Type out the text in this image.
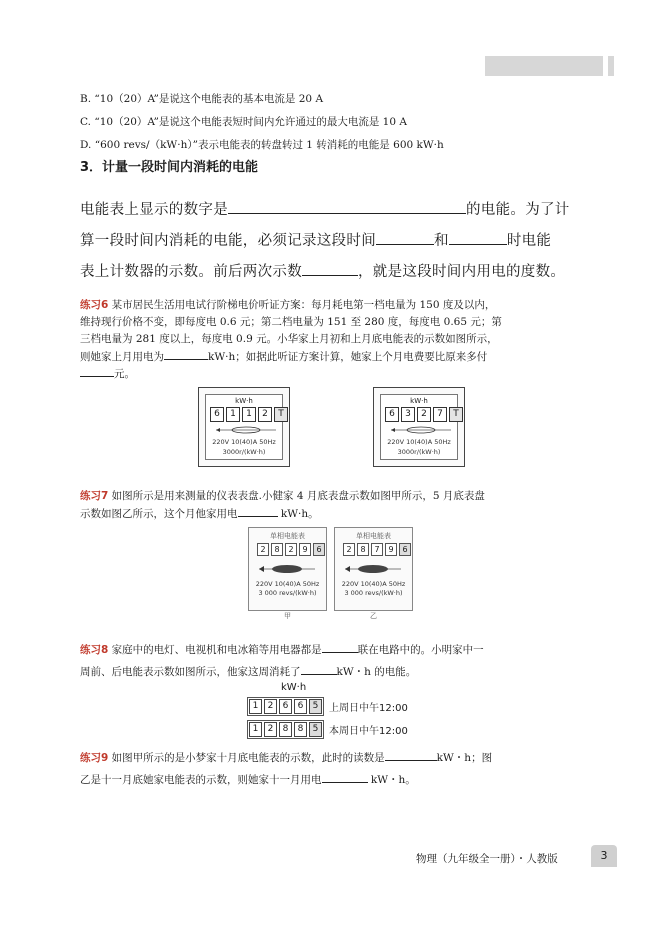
B. “10（20）A”是说这个电能表的基本电流是 20 A
C. “10（20）A”是说这个电能表短时间内允许通过的最大电流是 10 A
D. “600 revs/（kW·h）”表示电能表的转盘转过 1 转消耗的电能是 600 kW·h
3．计量一段时间内消耗的电能
电能表上显示的数字是	的电能。为了计
算一段时间内消耗的电能，必须记录这段时间	和	时电能
表上计数器的示数。前后两次示数	，就是这段时间内用电的度数。
练习6 某市居民生活用电试行阶梯电价听证方案：每月耗电第一档电量为 150 度及以内，
维持现行价格不变，即每度电 0.6 元；第二档电量为 151 至 280 度，每度电 0.65 元；第
三档电量为 281 度以上，每度电 0.9 元。小华家上月初和上月底电能表的示数如图所示，
则她家上月用电为	kW·h；如据此听证方案计算，她家上个月电费要比原来多付
元。
kW·h
6	1	1	2	T
220V 10(40)A 50Hz
3000r/(kW·h)
kW·h
6	3	2	7	T
220V 10(40)A 50Hz
3000r/(kW·h)
练习7 如图所示是用来测量的仪表表盘.小健家 4 月底表盘示数如图甲所示，5 月底表盘
示数如图乙所示，这个月他家用电	kW·h。
单相电能表
2	8	2	9	6
220V 10(40)A 50Hz
3 000 revs/(kW·h)
甲
单相电能表
2	8	7	9	6
220V 10(40)A 50Hz
3 000 revs/(kW·h)
乙
练习8 家庭中的电灯、电视机和电冰箱等用电器都是	联在电路中的。小明家中一
周前、后电能表示数如图所示，他家这周消耗了	kW・h 的电能。
kW·h
1	2	6	6	5	上周日中午12:00
1	2	8	8	5	本周日中午12:00
练习9 如图甲所示的是小梦家十月底电能表的示数，此时的读数是	kW・h；图
乙是十一月底她家电能表的示数，则她家十一月用电	kW・h。
物理（九年级全一册）・人教版	3
